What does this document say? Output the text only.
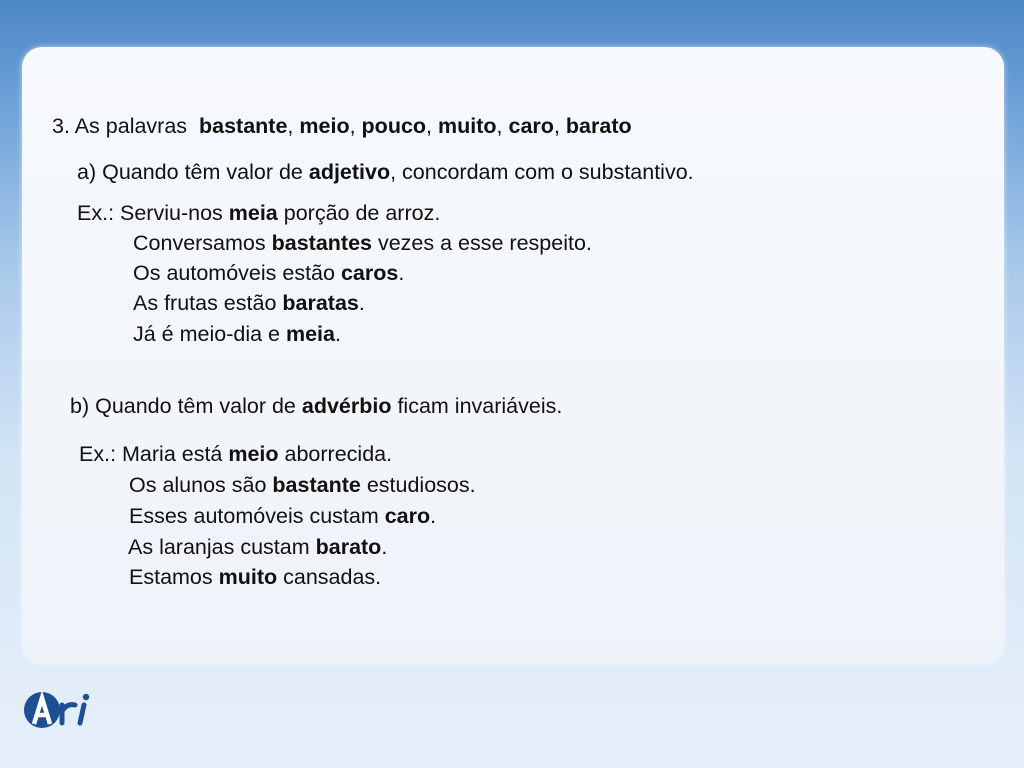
3. As palavras bastante, meio, pouco, muito, caro, barato
a) Quando têm valor de adjetivo, concordam com o substantivo.
Ex.: Serviu-nos meia porção de arroz.
Conversamos bastantes vezes a esse respeito.
Os automóveis estão caros.
As frutas estão baratas.
Já é meio-dia e meia.
b) Quando têm valor de advérbio ficam invariáveis.
Ex.: Maria está meio aborrecida.
Os alunos são bastante estudiosos.
Esses automóveis custam caro.
As laranjas custam barato.
Estamos muito cansadas.
